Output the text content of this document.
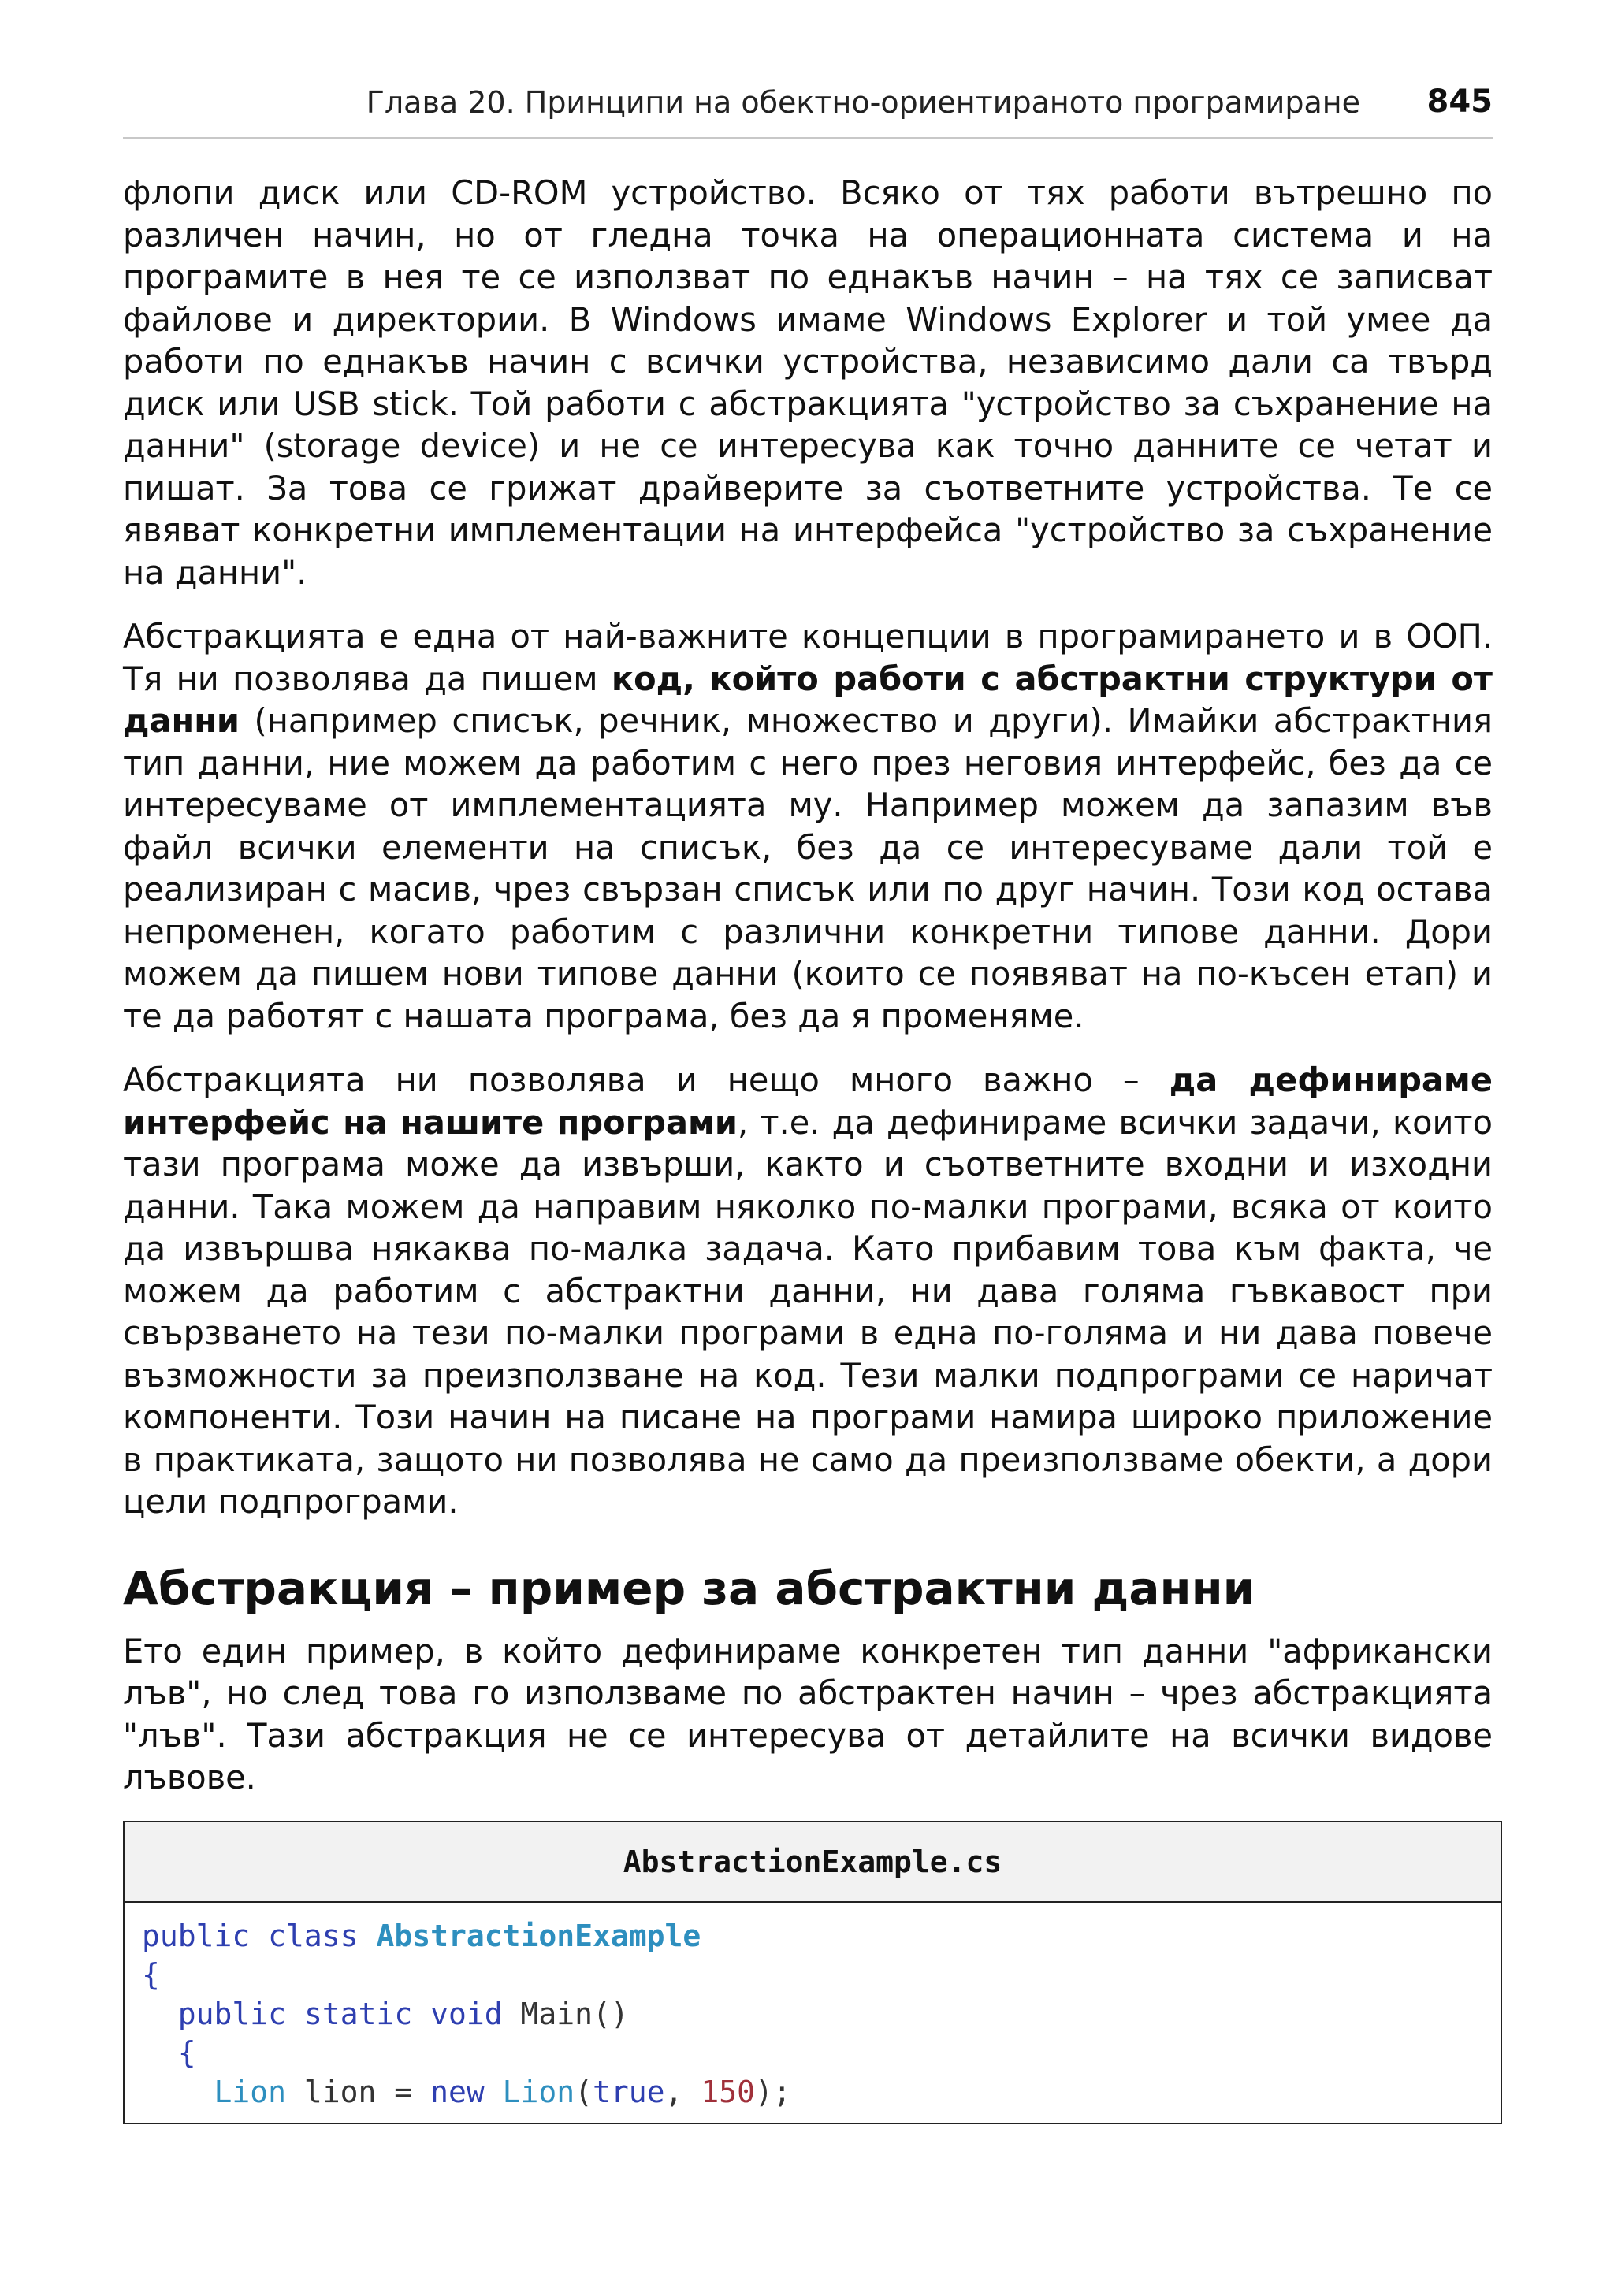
Глава 20. Принципи на обектно-ориентираното програмиране 845

флопи диск или CD-ROM устройство. Всяко от тях работи вътрешно по различен начин, но от гледна точка на операционната система и на програмите в нея те се използват по еднакъв начин – на тях се записват файлове и директории. В Windows имаме Windows Explorer и той умее да работи по еднакъв начин с всички устройства, независимо дали са твърд диск или USB stick. Той работи с абстракцията "устройство за съхранение на данни" (storage device) и не се интересува как точно данните се четат и пишат. За това се грижат драйверите за съответните устройства. Те се явяват конкретни имплементации на интерфейса "устройство за съхранение на данни".

Абстракцията е една от най-важните концепции в програмирането и в ООП. Тя ни позволява да пишем код, който работи с абстрактни структури от данни (например списък, речник, множество и други). Имайки абстрактния тип данни, ние можем да работим с него през неговия интерфейс, без да се интересуваме от имплементацията му. Например можем да запазим във файл всички елементи на списък, без да се интересуваме дали той е реализиран с масив, чрез свързан списък или по друг начин. Този код остава непроменен, когато работим с различни конкретни типове данни. Дори можем да пишем нови типове данни (които се появяват на по-късен етап) и те да работят с нашата програма, без да я променяме.

Абстракцията ни позволява и нещо много важно – да дефинираме интерфейс на нашите програми, т.е. да дефинираме всички задачи, които тази програма може да извърши, както и съответните входни и изходни данни. Така можем да направим няколко по-малки програми, всяка от които да извършва някаква по-малка задача. Като прибавим това към факта, че можем да работим с абстрактни данни, ни дава голяма гъвкавост при свързването на тези по-малки програми в една по-голяма и ни дава повече възможности за преизползване на код. Тези малки подпрограми се наричат компоненти. Този начин на писане на програми намира широко приложение в практиката, защото ни позволява не само да преизползваме обекти, а дори цели подпрограми.

Абстракция – пример за абстрактни данни

Ето един пример, в който дефинираме конкретен тип данни "африкански лъв", но след това го използваме по абстрактен начин – чрез абстракцията "лъв". Тази абстракция не се интересува от детайлите на всички видове лъвове.

AbstractionExample.cs
public class AbstractionExample
{
public static void Main()
{
Lion lion = new Lion(true, 150);
